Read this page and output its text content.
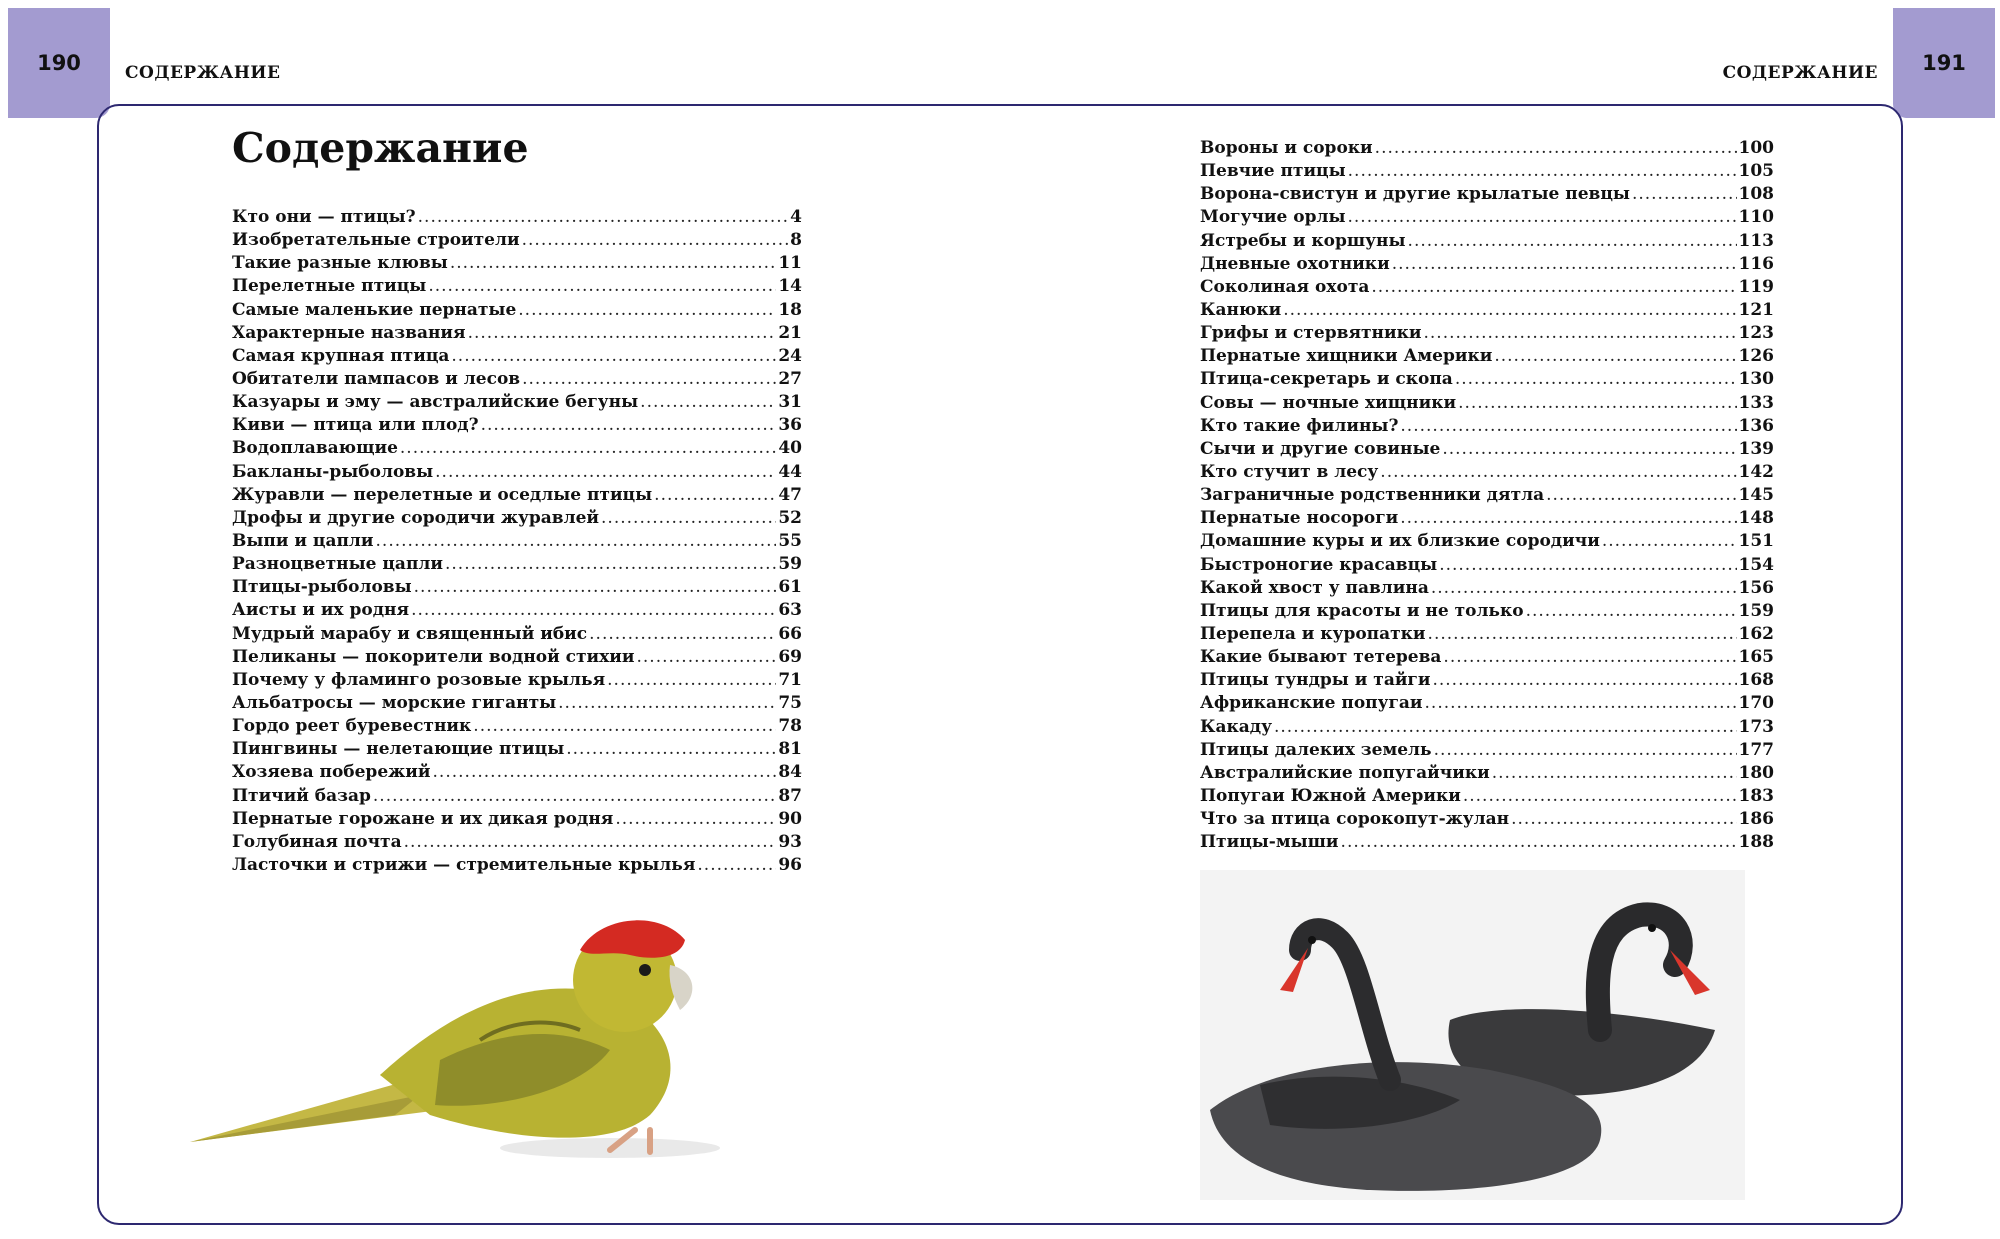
190	СОДЕРЖАНИЕ	СОДЕРЖАНИЕ 191
Содержание
Кто они — птицы? .....	4
Изобретательные строители .....	8
Такие разные клювы .....	11
Перелетные птицы .....	14
Самые маленькие пернатые .....	18
Характерные названия .....	21
Самая крупная птица .....	24
Обитатели пампасов и лесов .....	27
Казуары и эму — австралийские бегуны .....	31
Киви — птица или плод? .....	36
Водоплавающие .....	40
Бакланы-рыболовы .....	44
Журавли — перелетные и оседлые птицы .....	47
Дрофы и другие сородичи журавлей .....	52
Выпи и цапли .....	55
Разноцветные цапли .....	59
Птицы-рыболовы .....	61
Аисты и их родня .....	63
Мудрый марабу и священный ибис .....	66
Пеликаны — покорители водной стихии .....	69
Почему у фламинго розовые крылья .....	71
Альбатросы — морские гиганты .....	75
Гордо реет буревестник .....	78
Пингвины — нелетающие птицы .....	81
Хозяева побережий .....	84
Птичий базар .....	87
Пернатые горожане и их дикая родня .....	90
Голубиная почта .....	93
Ласточки и стрижи — стремительные крылья .....	96
Вороны и сороки .....	100
Певчие птицы .....	105
Ворона-свистун и другие крылатые певцы .....	108
Могучие орлы .....	110
Ястребы и коршуны .....	113
Дневные охотники .....	116
Соколиная охота .....	119
Канюки .....	121
Грифы и стервятники .....	123
Пернатые хищники Америки .....	126
Птица-секретарь и скопа .....	130
Совы — ночные хищники .....	133
Кто такие филины? .....	136
Сычи и другие совиные .....	139
Кто стучит в лесу .....	142
Заграничные родственники дятла .....	145
Пернатые носороги .....	148
Домашние куры и их близкие сородичи .....	151
Быстроногие красавцы .....	154
Какой хвост у павлина .....	156
Птицы для красоты и не только .....	159
Перепела и куропатки .....	162
Какие бывают тетерева .....	165
Птицы тундры и тайги .....	168
Африканские попугаи .....	170
Какаду .....	173
Птицы далеких земель .....	177
Австралийские попугайчики .....	180
Попугаи Южной Америки .....	183
Что за птица сорокопут-жулан .....	186
Птицы-мыши .....	188
